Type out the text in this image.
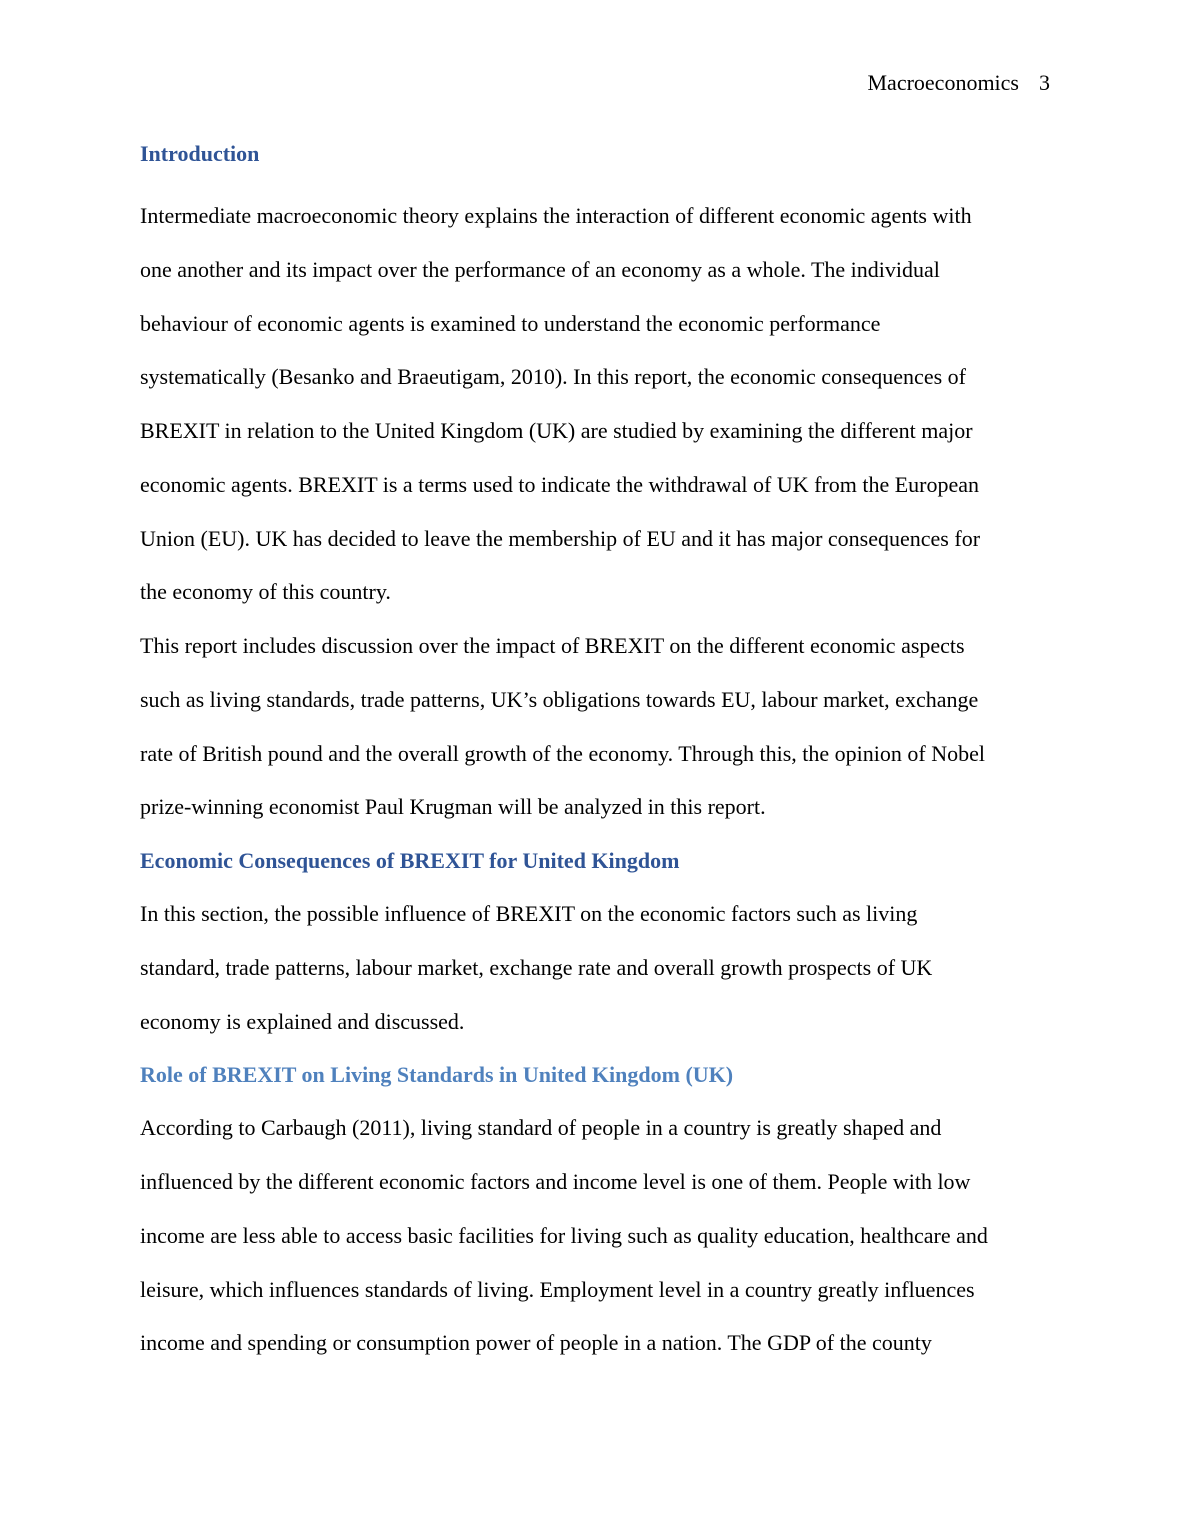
Macroeconomics 3
Introduction

Intermediate macroeconomic theory explains the interaction of different economic agents with

one another and its impact over the performance of an economy as a whole. The individual

behaviour of economic agents is examined to understand the economic performance

systematically (Besanko and Braeutigam, 2010). In this report, the economic consequences of

BREXIT in relation to the United Kingdom (UK) are studied by examining the different major

economic agents. BREXIT is a terms used to indicate the withdrawal of UK from the European

Union (EU). UK has decided to leave the membership of EU and it has major consequences for

the economy of this country.

This report includes discussion over the impact of BREXIT on the different economic aspects

such as living standards, trade patterns, UK’s obligations towards EU, labour market, exchange

rate of British pound and the overall growth of the economy. Through this, the opinion of Nobel

prize-winning economist Paul Krugman will be analyzed in this report.

Economic Consequences of BREXIT for United Kingdom

In this section, the possible influence of BREXIT on the economic factors such as living

standard, trade patterns, labour market, exchange rate and overall growth prospects of UK

economy is explained and discussed.

Role of BREXIT on Living Standards in United Kingdom (UK)

According to Carbaugh (2011), living standard of people in a country is greatly shaped and

influenced by the different economic factors and income level is one of them. People with low

income are less able to access basic facilities for living such as quality education, healthcare and

leisure, which influences standards of living. Employment level in a country greatly influences

income and spending or consumption power of people in a nation. The GDP of the county
